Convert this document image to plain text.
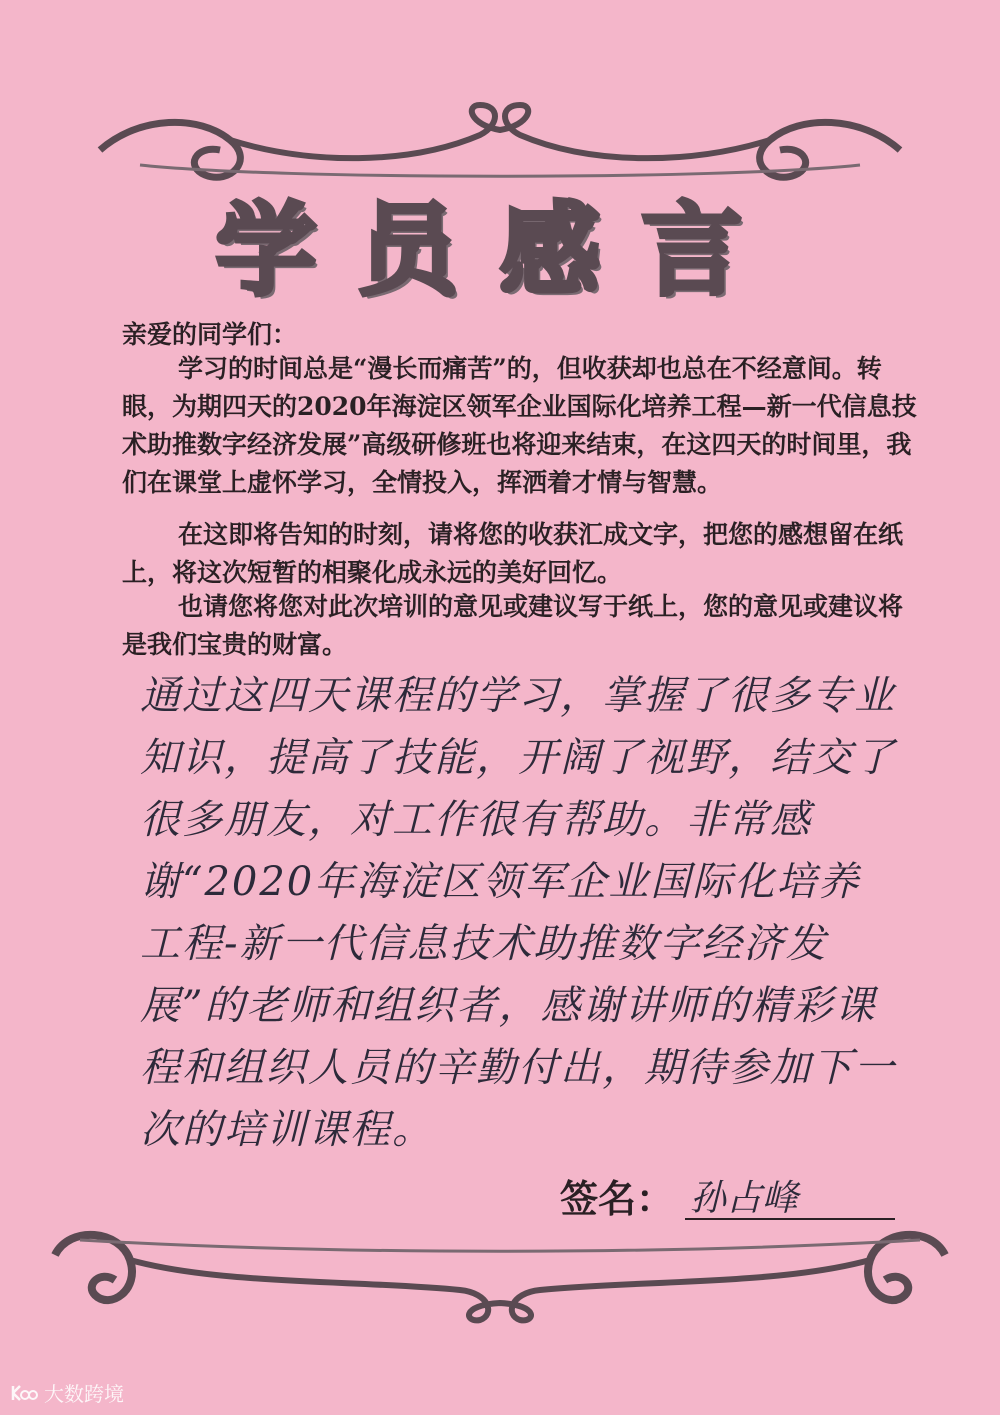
学员感言

亲爱的同学们：

学习的时间总是“漫长而痛苦”的，但收获却也总在不经意间。转眼，为期四天的2020年海淀区领军企业国际化培养工程—新一代信息技术助推数字经济发展”高级研修班也将迎来结束，在这四天的时间里，我们在课堂上虚怀学习，全情投入，挥洒着才情与智慧。

在这即将告知的时刻，请将您的收获汇成文字，把您的感想留在纸上，将这次短暂的相聚化成永远的美好回忆。

也请您将您对此次培训的意见或建议写于纸上，您的意见或建议将是我们宝贵的财富。

通过这四天课程的学习，掌握了很多专业知识，提高了技能，开阔了视野，结交了很多朋友，对工作很有帮助。非常感谢“2020年海淀区领军企业国际化培养工程-新一代信息技术助推数字经济发展”的老师和组织者，感谢讲师的精彩课程和组织人员的辛勤付出，期待参加下一次的培训课程。

签名： 孙占峰
大数跨境
